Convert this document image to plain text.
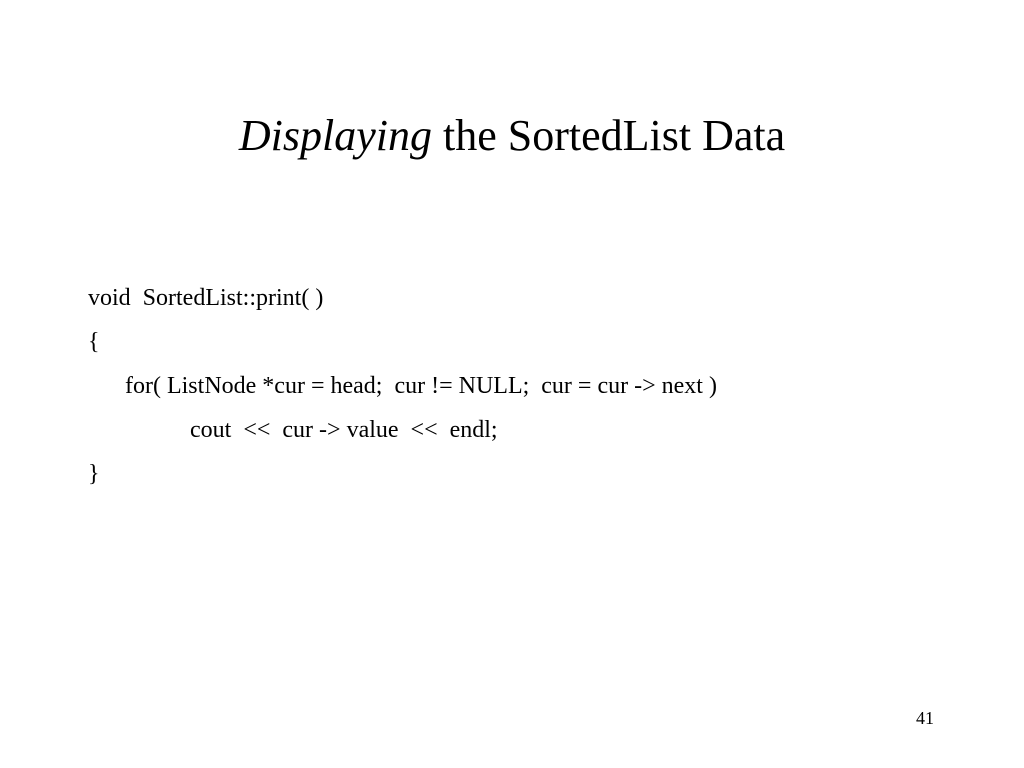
Displaying the SortedList Data
void  SortedList::print( )
{
for( ListNode *cur = head;  cur != NULL;  cur = cur -> next )
cout  <<  cur -> value  <<  endl;
}
41
